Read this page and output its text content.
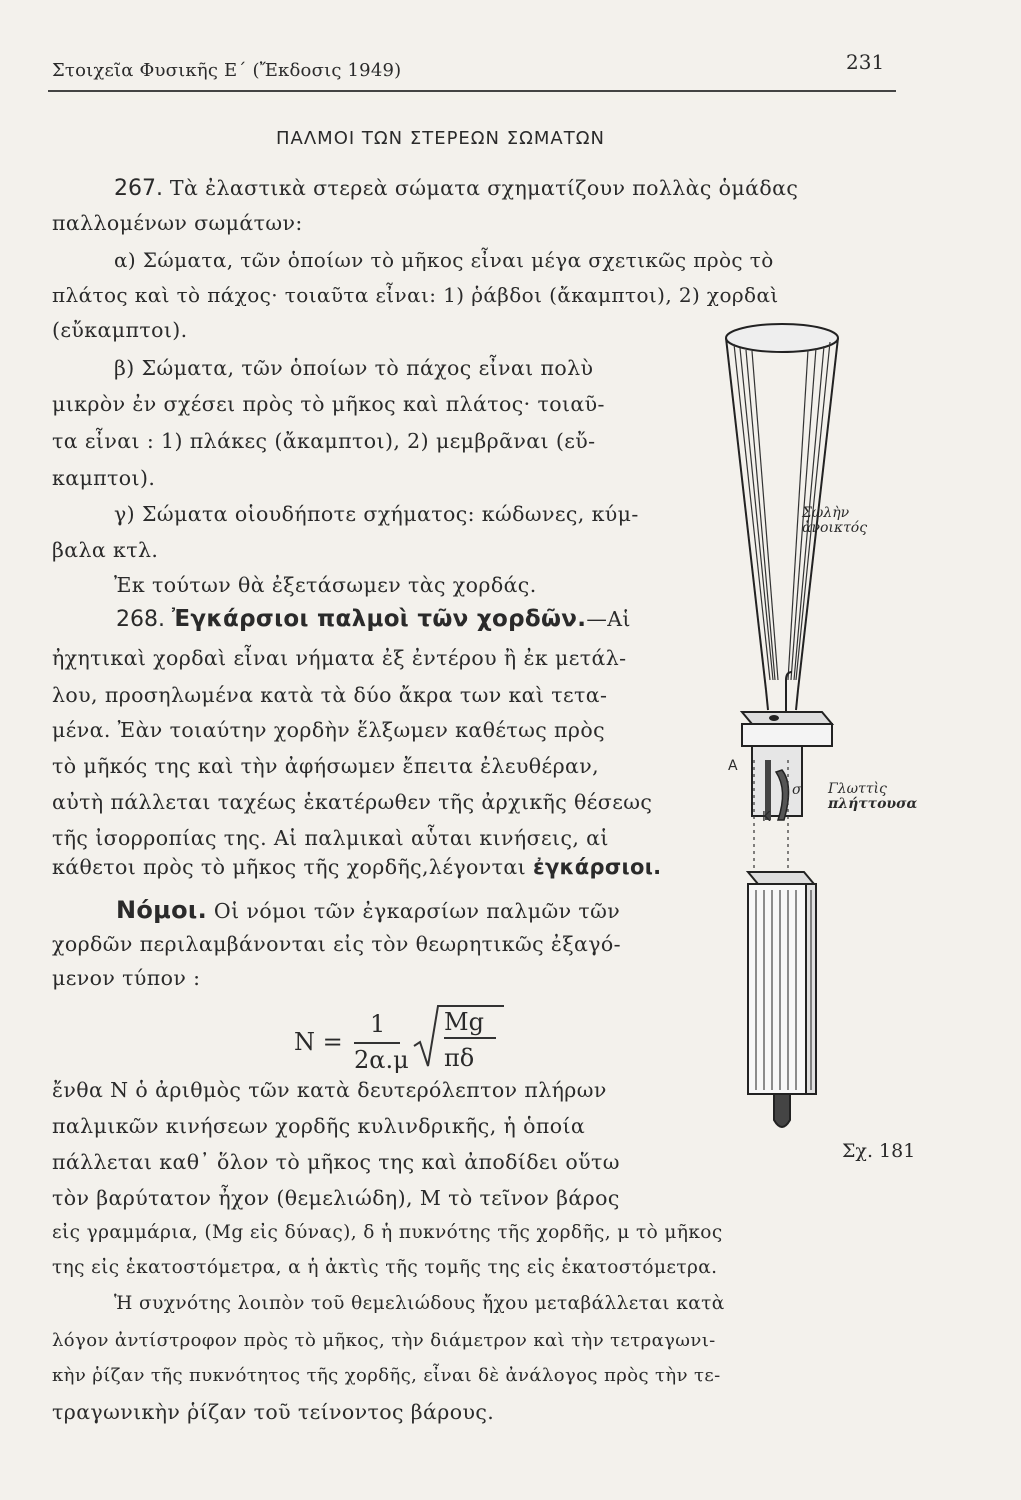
Στοιχεῖα Φυσικῆς Ε΄ (Ἔκδοσις 1949)	231
ΠΑΛΜΟΙ ΤΩΝ ΣΤΕΡΕΩΝ ΣΩΜΑΤΩΝ
267. Τὰ ἐλαστικὰ στερεὰ σώματα σχηματίζουν πολλὰς ὁμάδας
παλλομένων σωμάτων:
α) Σώματα, τῶν ὁποίων τὸ μῆκος εἶναι μέγα σχετικῶς πρὸς τὸ
πλάτος καὶ τὸ πάχος· τοιαῦτα εἶναι: 1) ῥάβδοι (ἄκαμπτοι), 2) χορδαὶ
(εὔκαμπτοι).
β) Σώματα, τῶν ὁποίων τὸ πάχος εἶναι πολὺ
μικρὸν ἐν σχέσει πρὸς τὸ μῆκος καὶ πλάτος· τοιαῦ-
τα εἶναι : 1) πλάκες (ἄκαμπτοι), 2) μεμβρᾶναι (εὔ-
καμπτοι).
γ) Σώματα οἱουδήποτε σχήματος: κώδωνες, κύμ-
βαλα κτλ.
Ἐκ τούτων θὰ ἐξετάσωμεν τὰς χορδάς.
268. Ἐγκάρσιοι παλμοὶ τῶν χορδῶν.—Αἱ
ἠχητικαὶ χορδαὶ εἶναι νήματα ἐξ ἐντέρου ἢ ἐκ μετάλ-
λου, προσηλωμένα κατὰ τὰ δύο ἄκρα των καὶ τετα-
μένα. Ἐὰν τοιαύτην χορδὴν ἕλξωμεν καθέτως πρὸς
τὸ μῆκός της καὶ τὴν ἀφήσωμεν ἔπειτα ἐλευθέραν,
αὐτὴ πάλλεται ταχέως ἑκατέρωθεν τῆς ἀρχικῆς θέσεως
τῆς ἰσορροπίας της. Αἱ παλμικαὶ αὗται κινήσεις, αἱ
κάθετοι πρὸς τὸ μῆκος τῆς χορδῆς,λέγονται ἐγκάρσιοι.
Νόμοι. Οἱ νόμοι τῶν ἐγκαρσίων παλμῶν τῶν
χορδῶν περιλαμβάνονται εἰς τὸν θεωρητικῶς ἐξαγό-
μενον τύπον :
N =
1
2α.μ
Mg
πδ
ἔνθα N ὁ ἀριθμὸς τῶν κατὰ δευτερόλεπτον πλήρων
παλμικῶν κινήσεων χορδῆς κυλινδρικῆς, ἡ ὁποία
πάλλεται καθ᾽ ὅλον τὸ μῆκος της καὶ ἀποδίδει οὕτω
τὸν βαρύτατον ἦχον (θεμελιώδη), M τὸ τεῖνον βάρος
εἰς γραμμάρια, (Mg εἰς δύνας), δ ἡ πυκνότης τῆς χορδῆς, μ τὸ μῆκος
της εἰς ἑκατοστόμετρα, α ἡ ἀκτὶς τῆς τομῆς της εἰς ἑκατοστόμετρα.
Ἡ συχνότης λοιπὸν τοῦ θεμελιώδους ἤχου μεταβάλλεται κατὰ
λόγον ἀντίστροφον πρὸς τὸ μῆκος, τὴν διάμετρον καὶ τὴν τετραγωνι-
κὴν ῥίζαν τῆς πυκνότητος τῆς χορδῆς, εἶναι δὲ ἀνάλογος πρὸς τὴν τε-
τραγωνικὴν ῥίζαν τοῦ τείνοντος βάρους.
Σωλὴν
ἀνοικτός
Γλωττὶς
πλήττουσα
A
K
σ
Σχ. 181
